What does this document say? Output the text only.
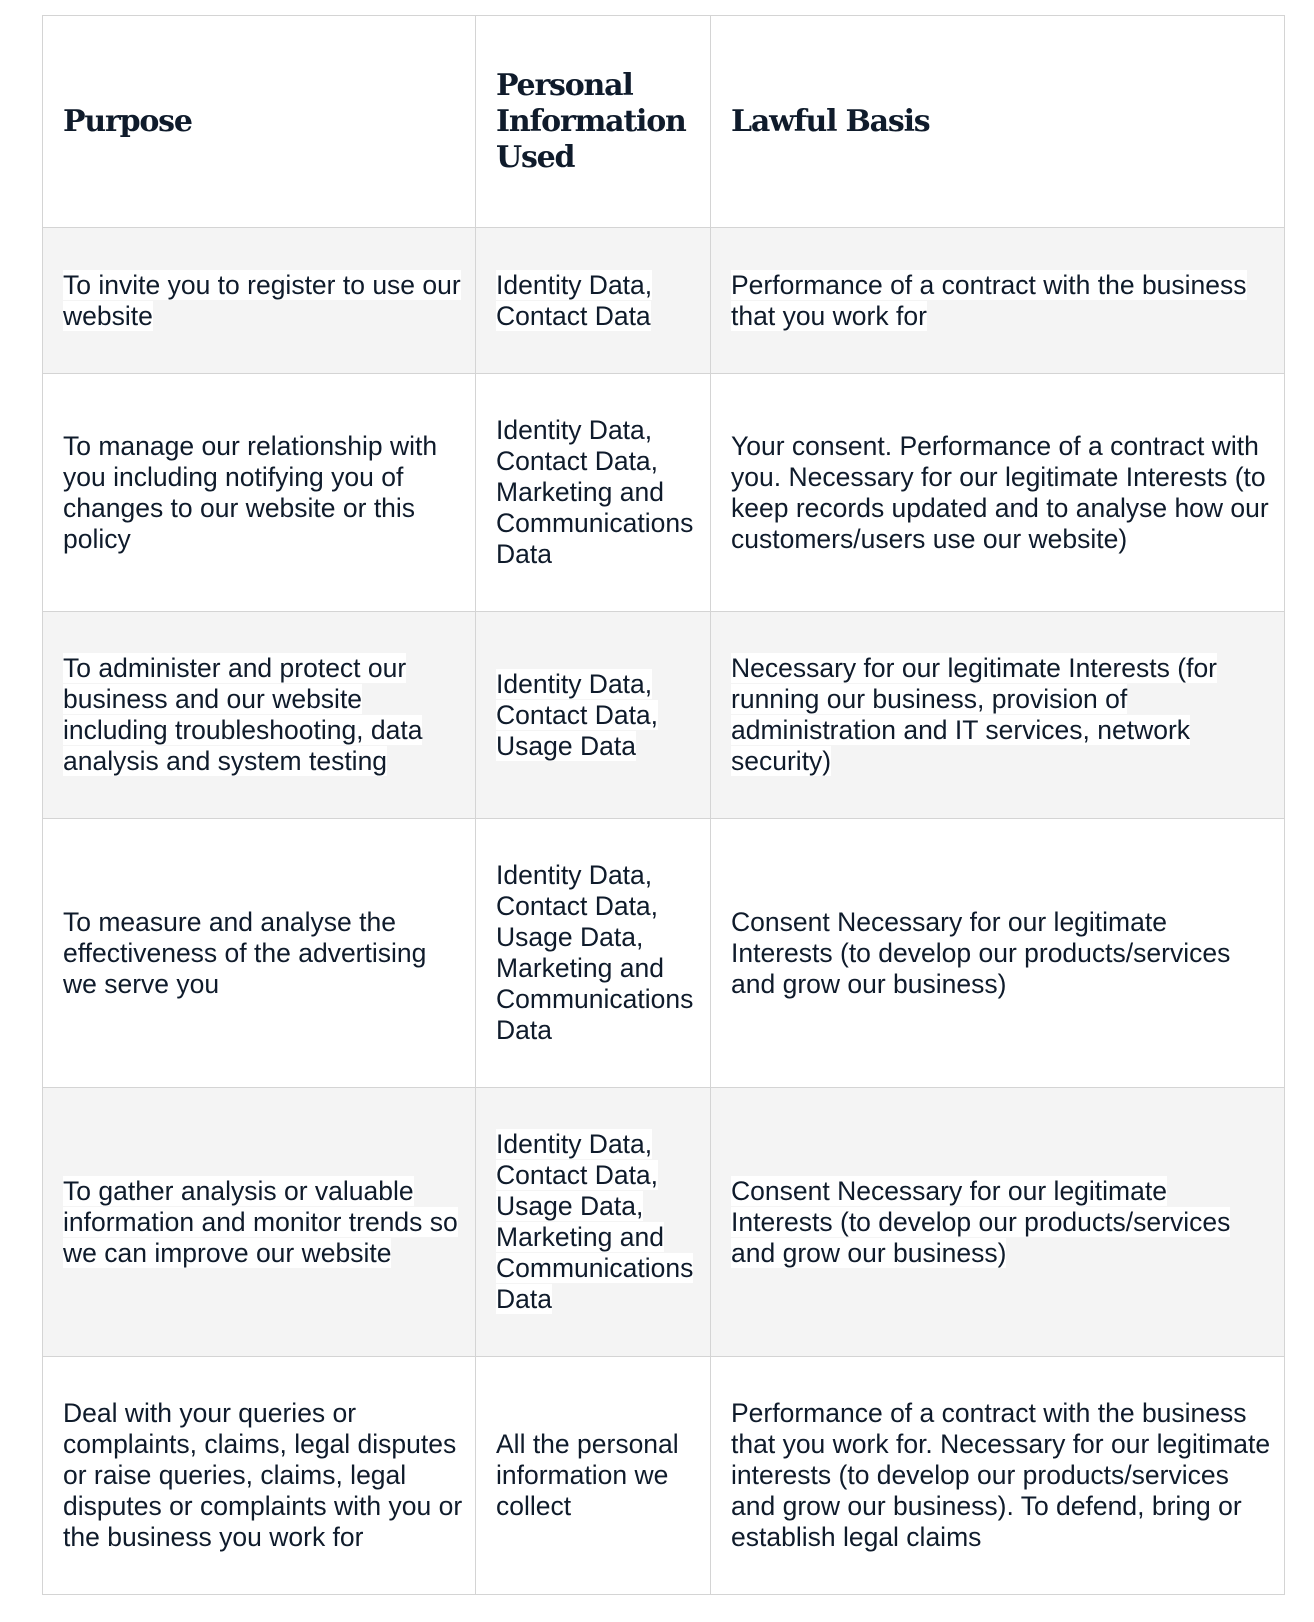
Purpose	Personal Information Used	Lawful Basis
To invite you to register to use our website	Identity Data, Contact Data	Performance of a contract with the business that you work for
To manage our relationship with you including notifying you of changes to our website or this policy	Identity Data, Contact Data, Marketing and Communications Data	Your consent. Performance of a contract with you. Necessary for our legitimate Interests (to keep records updated and to analyse how our customers/users use our website)
To administer and protect our business and our website including troubleshooting, data analysis and system testing	Identity Data, Contact Data, Usage Data	Necessary for our legitimate Interests (for running our business, provision of administration and IT services, network security)
To measure and analyse the effectiveness of the advertising we serve you	Identity Data, Contact Data, Usage Data, Marketing and Communications Data	Consent Necessary for our legitimate Interests (to develop our products/services and grow our business)
To gather analysis or valuable information and monitor trends so we can improve our website	Identity Data, Contact Data, Usage Data, Marketing and Communications Data	Consent Necessary for our legitimate Interests (to develop our products/services and grow our business)
Deal with your queries or complaints, claims, legal disputes or raise queries, claims, legal disputes or complaints with you or the business you work for	All the personal information we collect	Performance of a contract with the business that you work for. Necessary for our legitimate interests (to develop our products/services and grow our business). To defend, bring or establish legal claims
